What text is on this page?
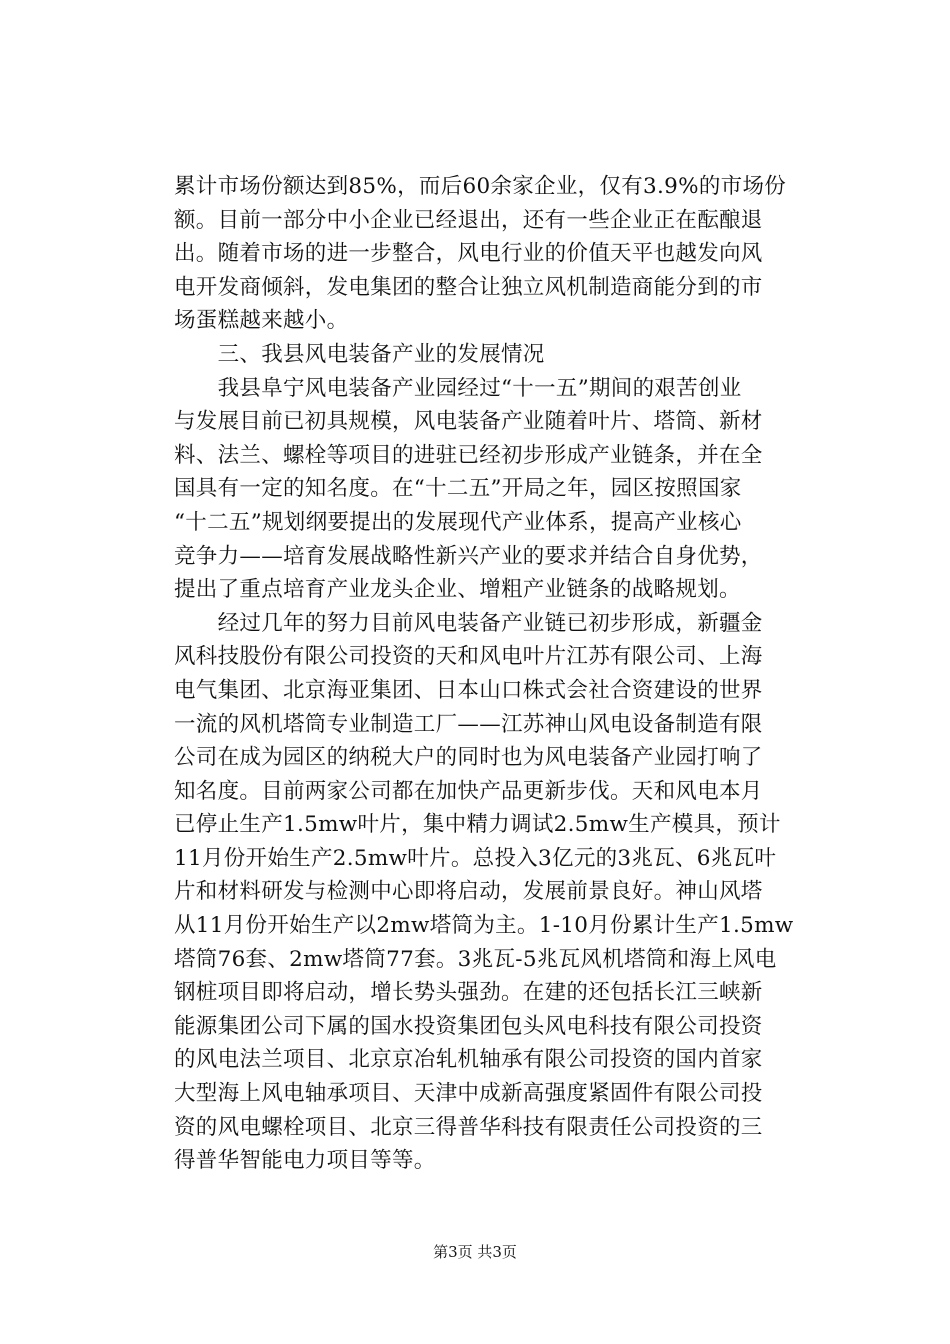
累计市场份额达到85%，而后60余家企业，仅有3.9%的市场份
额。目前一部分中小企业已经退出，还有一些企业正在酝酿退
出。随着市场的进一步整合，风电行业的价值天平也越发向风
电开发商倾斜，发电集团的整合让独立风机制造商能分到的市
场蛋糕越来越小。
　　三、我县风电装备产业的发展情况
　　我县阜宁风电装备产业园经过“十一五”期间的艰苦创业
与发展目前已初具规模，风电装备产业随着叶片、塔筒、新材
料、法兰、螺栓等项目的进驻已经初步形成产业链条，并在全
国具有一定的知名度。在“十二五”开局之年，园区按照国家
“十二五”规划纲要提出的发展现代产业体系，提高产业核心
竞争力——培育发展战略性新兴产业的要求并结合自身优势，
提出了重点培育产业龙头企业、增粗产业链条的战略规划。
　　经过几年的努力目前风电装备产业链已初步形成，新疆金
风科技股份有限公司投资的天和风电叶片江苏有限公司、上海
电气集团、北京海亚集团、日本山口株式会社合资建设的世界
一流的风机塔筒专业制造工厂——江苏神山风电设备制造有限
公司在成为园区的纳税大户的同时也为风电装备产业园打响了
知名度。目前两家公司都在加快产品更新步伐。天和风电本月
已停止生产1.5mw叶片，集中精力调试2.5mw生产模具，预计
11月份开始生产2.5mw叶片。总投入3亿元的3兆瓦、6兆瓦叶
片和材料研发与检测中心即将启动，发展前景良好。神山风塔
从11月份开始生产以2mw塔筒为主。1-10月份累计生产1.5mw
塔筒76套、2mw塔筒77套。3兆瓦-5兆瓦风机塔筒和海上风电
钢桩项目即将启动，增长势头强劲。在建的还包括长江三峡新
能源集团公司下属的国水投资集团包头风电科技有限公司投资
的风电法兰项目、北京京冶轧机轴承有限公司投资的国内首家
大型海上风电轴承项目、天津中成新高强度紧固件有限公司投
资的风电螺栓项目、北京三得普华科技有限责任公司投资的三
得普华智能电力项目等等。
第3页 共3页
